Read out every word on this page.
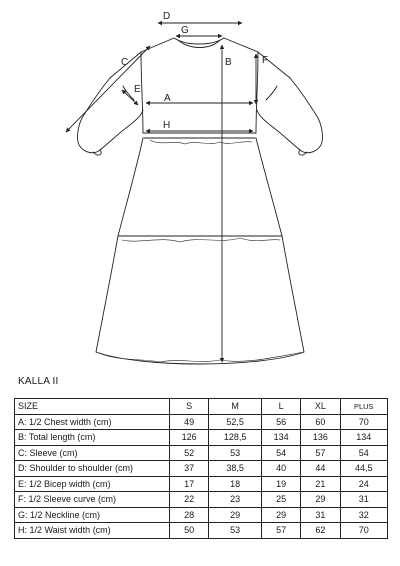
D
G
B	F
C
E
A
H
KALLA II
SIZE	S	M	L	XL	PLUS
A: 1/2 Chest width (cm)	49	52,5	56	60	70
B: Total length (cm)	126	128,5	134	136	134
C: Sleeve (cm)	52	53	54	57	54
D: Shoulder to shoulder (cm)	37	38,5	40	44	44,5
E: 1/2 Bicep width (cm)	17	18	19	21	24
F: 1/2 Sleeve curve (cm)	22	23	25	29	31
G: 1/2 Neckline (cm)	28	29	29	31	32
H: 1/2 Waist width (cm)	50	53	57	62	70
